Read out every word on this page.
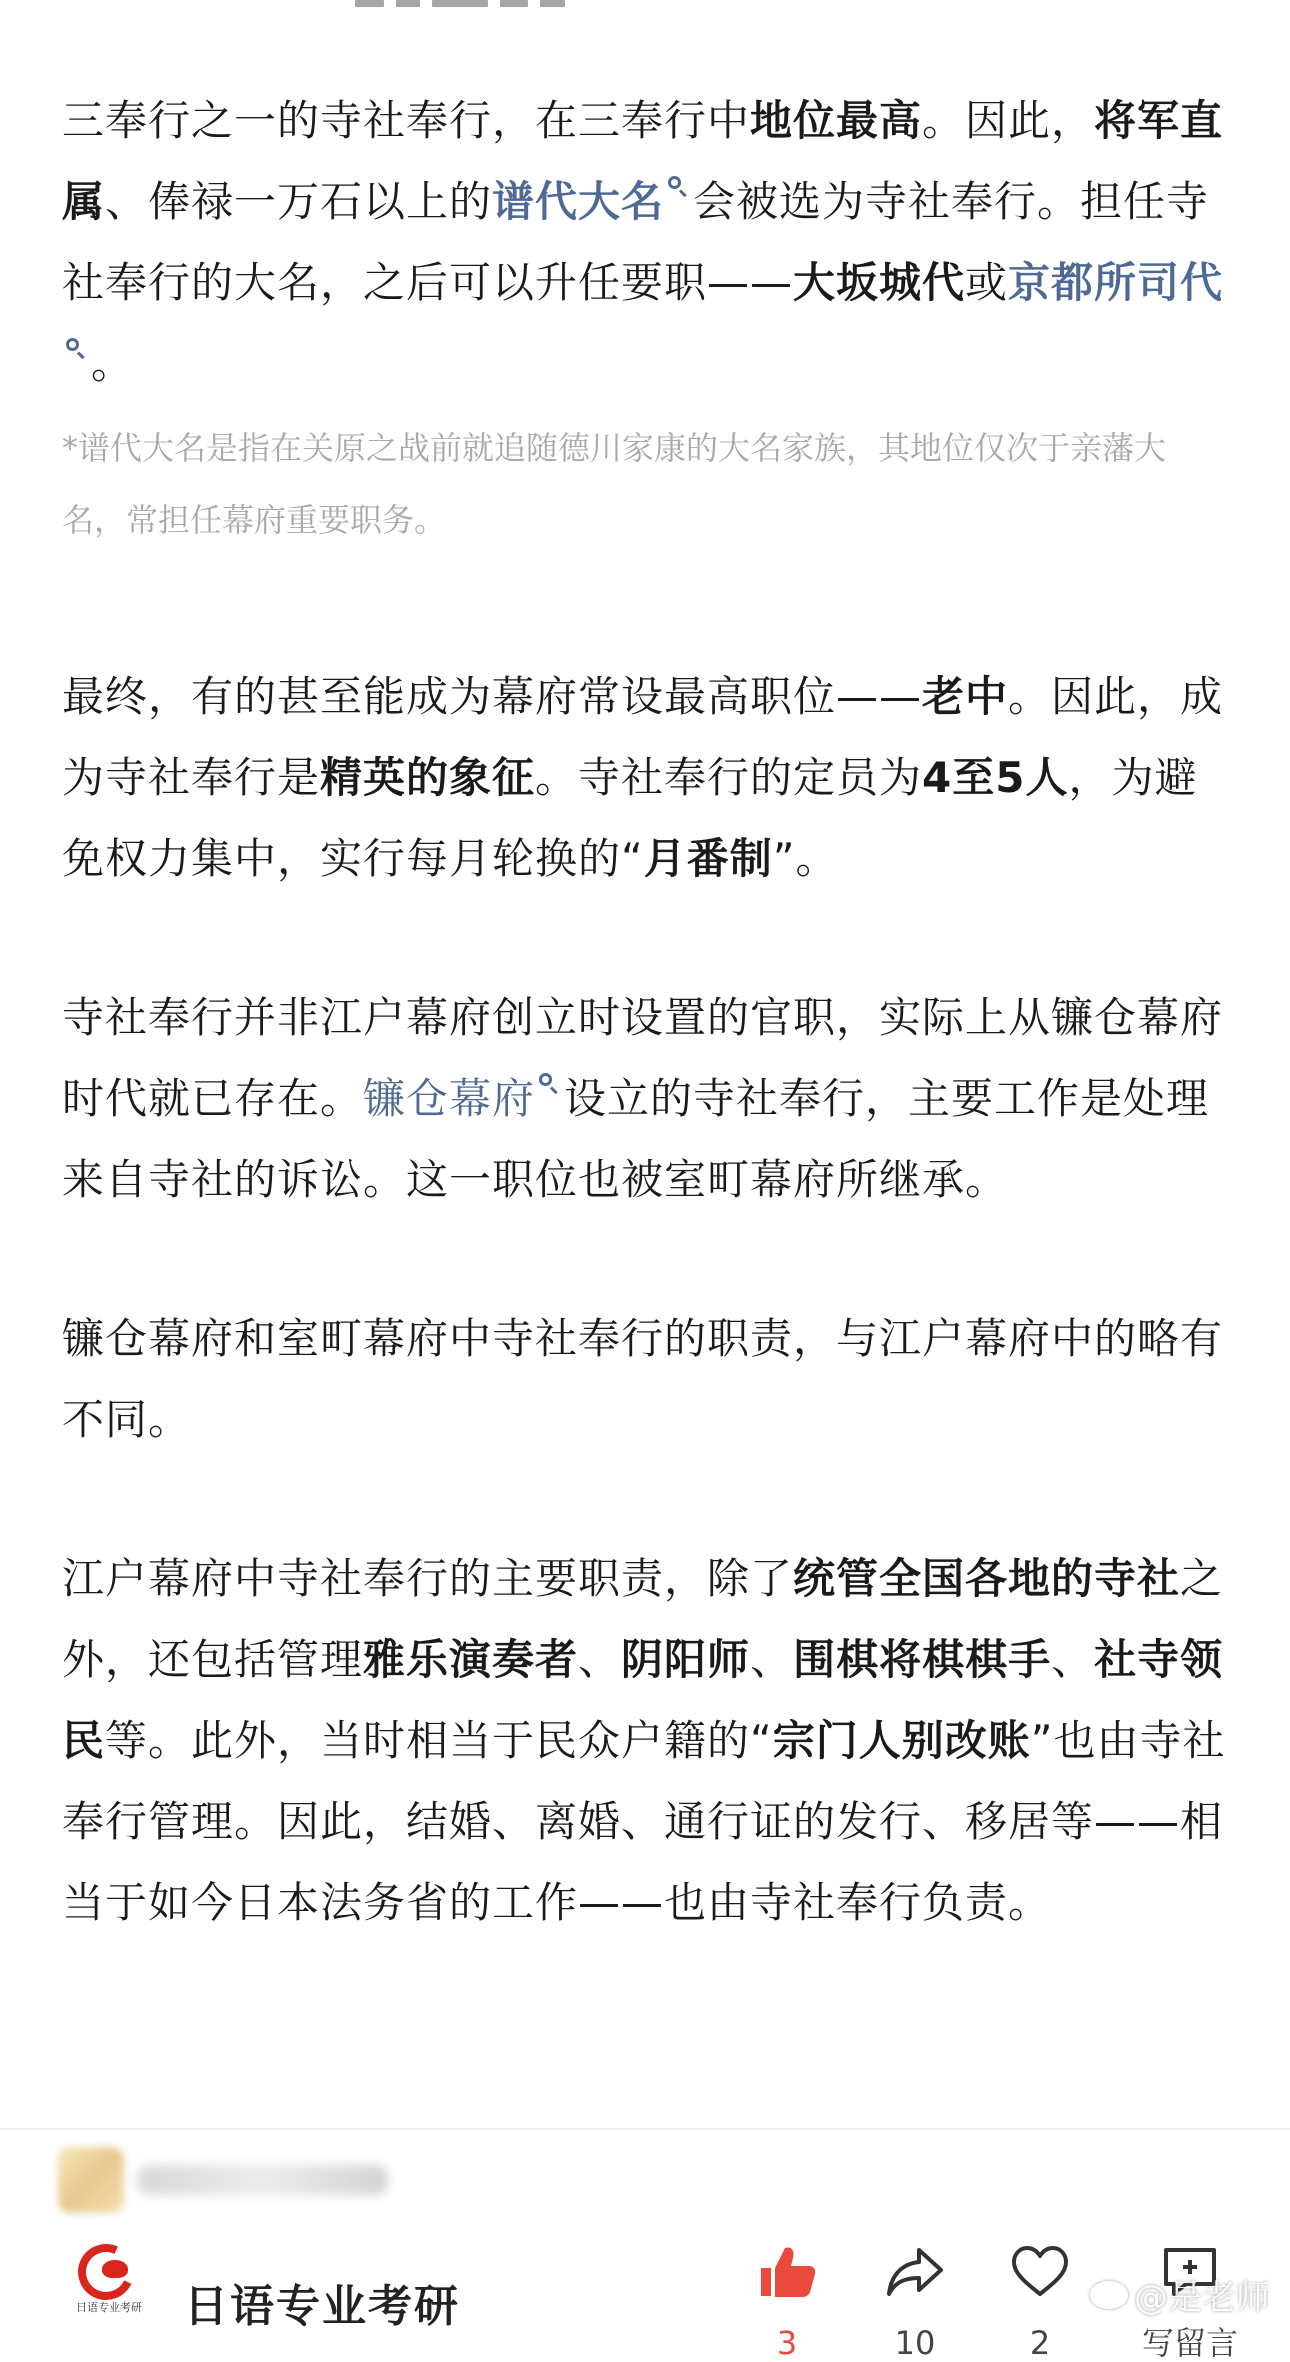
三奉行之一的寺社奉行，在三奉行中地位最高。因此，将军直属、俸禄一万石以上的谱代大名 会被选为寺社奉行。担任寺社奉行的大名，之后可以升任要职——大坂城代或京都所司代。

*谱代大名是指在关原之战前就追随德川家康的大名家族，其地位仅次于亲藩大名，常担任幕府重要职务。

最终，有的甚至能成为幕府常设最高职位——老中。因此，成为寺社奉行是精英的象征。寺社奉行的定员为4至5人，为避免权力集中，实行每月轮换的“月番制”。

寺社奉行并非江户幕府创立时设置的官职，实际上从镰仓幕府时代就已存在。镰仓幕府 设立的寺社奉行，主要工作是处理来自寺社的诉讼。这一职位也被室町幕府所继承。

镰仓幕府和室町幕府中寺社奉行的职责，与江户幕府中的略有不同。

江户幕府中寺社奉行的主要职责，除了统管全国各地的寺社之外，还包括管理雅乐演奏者、阴阳师、围棋将棋棋手、社寺领民等。此外，当时相当于民众户籍的“宗门人别改账”也由寺社奉行管理。因此，结婚、离婚、通行证的发行、移居等——相当于如今日本法务省的工作——也由寺社奉行负责。

日语专业考研 日语专业考研
3	10	2	写留言
@是老师
